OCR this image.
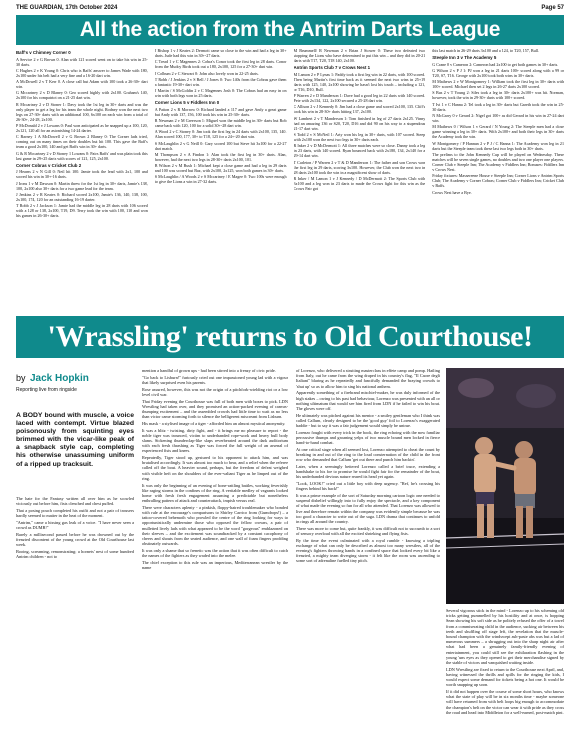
THE GUARDIAN, 17th October 2024	Page 57
All the action from the Antrim Darts League
Baff's v Chimney Corner 0

A Service 2 v G Brown 0. Alan with 121 scored went on to take his win in 25-30 darts.

C Hughes 2 v K Young 0: Chris who is Baffs' answer to James Wade with 180, 2x100 under his belt had a very fine and a 16-20 dart win.

A McDowell 2 v T Kerr 0. A close call but Adam with 100 took a 26-30+ dart win.

G Mccartney 2 v D Blaney 0: Geo scored highly with 2x100. Graham's 140, 2x100 for his compatriot on a 21-25 dart win.

R Mccartney 2 v D Stoner 1: Davy took the 1st leg in 30+ darts and was the only player to get a leg for his team the whole night. Rodney won the next two legs on 27-30+ darts with an additional 100, 6x100 on each win from a total of 26-30+, 24-28, 2x100.

P McDonald 2 v J Lowans 0: Paul won anticipated as he snapped up a 100, 120, 2x121, 120 all for an astonishing 14-24 darter.

C Barney 1 A McDowell 2 v G Brown 2 Blaney 0: The Corner lads tried, coming out on many times on their doubles but hit 100. This gave the Baff's team a good 2x100, 140 and get Baffs win in 30+ darts.

G & R Mccartney 2 v D Stoney 1 Lowans 0: Pairs Baffs' and was plain took this last game in 29+25 darts with scores of 121, 125, 2x100.

Corner Cobras v Cricket Club 2

J Hearns 2 v N Gill 0: Neil hit 100. Jamie took the lead with 2x1, 100 and scored his win in 30+-16 darts.

J Irons 1 v M Dawson 0: Martin threw for the 1st leg in 30+ darts, Jamie's 138, 100, 2x100 also 30+ darts for a two game lead for the team.

J Jenkins 2 v R Keates 0: Richard scored 2x100, Jamie's 136, 140, 138, 100, 2x100, 174, 120 for an outstanding 16-19 darter.

T Robb 2 v J Jackson 1: Jamie had the middle leg in 28 darts with 106 scored with a 128 or 138, 2x100, T19, D9. Terry took the win with 100, 110 and won his games in 26-30+ darts.

J Bishop 1 v J Keates 2: Dermott came so close to the win and had a leg in 30+ darts. Jude had this win in 30+-27 darts.

C Tread 1 v C Magennes 2: Cobra's Conor took the first leg in 28 darts. Conor from the Mudcy Birds took out a 180, 2x100, 125 for a 27-30+ dart win.

J Colbum 2 v C Stewart 0: John also lovely won in 22-25 darts.

T Robb / J Jenkins 2 v S Bell / J Jones 0: Two 140s from the Cobras gave them a fantastic 19-30+ dart win.

J Martin / S McGoldin 2 v C Magennes Josh 0: The Cobras had an easy in on win with both legs won in 25 darts.

Corner Lions 5 v Fiddlers Inn 0

A Patton 2 v R Morrow 0: Richard landed a 117 and gave Andy a great game but Andy with 137, 156, 100 took his win in 25-30+ darts.

R Newman 2 v M Greerson 1: Miguel won the middle leg in 30+ darts but Rob came back with 120, 100 for a solid 30+-28 dart win.

A Wood 2 v C Stoney 0: Jim took the first leg in 24 darts with 2x100, 135, 140. Alan scored 100, 177, 30+ to T18, 125 for a 24+-20 dart win.

S McLaughlin 2 v G Neill 0: Gary scored 100 but Steve hit 3x100 for a 22-27 dart match.

M Thompson 2 v A Findon 1: Alan took the first leg in 30+ darts. Alan, however, had the next two legs in 28-30+ darts 2x100, 101.

B Wilson 2 v M Bush 1: Michael kept a close game and had a leg in 29 darts and 100 was scored but Baz, with 2x100, 2x125, won both games in 30+ darts.

S McLaughlin / A Woods 2 v S Mccartney / E Magee 0: Two 100s were enough to give the Lions a win in 27-32 darts.

M Brummell/ R Newman 2 v Brian J Stower 0: These two defeated two stopping the Lions who have determined to put this win – and they did in 20-21 darts with T17, T20, T18 140, 2x100.

Antrim Sports Club 7 v Crows Nest 1

M Lamon 2 v P Lynas 1: Paddy took a first leg win in 22 darts, with 100 scored. Then being Martin's first time back as it seemed the next two wins in 25+19 darts with 125, 140, 2x100 showing he hasn't lost his touch – including a 121, or T16, D10, Bull.

P Warren 2 v D Manderson 1: Dave had a good leg in 22 darts with 140 scored. Pete with 2x134, 122, 2x100 secured a 25-28 dart win.

C Allison 2 v J Kennedy 0: Jim had a close game and scored 2x100, 135. Cliff's took his win in 28-30+ darts hitting 137, 2x100.

W Lambert 2 v T Manderson 1: Tom finished in leg of 27 darts 2x125. Vinny had an amazing 136 or S20, T20, D16 and did 90 on his way to a stupendous 21-17 dart win.

S Todd 2 v S McNeil 1: Arty won his leg in 30+ darts, with 107 scored. Steep with 2x100 won the next two legs in 30+ darts each.

R Inker 2 v D McDermott 1: All three matches were so close. Danny took a leg in 23 darts, with 140 scored. Ryan bounced back with 2x180, 134, 2x140 for a 29-14 dart win.

T Carleton / P Warren 2 v T & D Manderson 1: The father and son Crows won the first leg in 29 darts, scoring 3x100. However, the Club won the next two in 28 darts 2x100 took the win in a magnificent show of darts.

R Inker / M Lamon 1 v J Kennedy / D McDermott 2: The Sports Club with 3x100 and a leg won in 23 darts to made the Crows fight for this win as the Crows Pair got

this last match in 26-29 darts 3x100 and a 124, to T20, 157, Bull.

Steeple Inn 3 v The Academy 5

G Crane 0 v Cameron 2: Cameron had 2x100 to get both games in 30+ darts.

G Wilson 2 v P J 1: PJ won a leg in 21 darts 100+ scored along with a 99 or T20, S7, T16. George with 2x100 took both wins in 30+ darts.

M Mathews 2 v W Montgomery 1: William took the first leg in 30+ darts with 100+ scored. Michael then set 2 legs in 26-27 darts 2x100 scored.

S Bus 2 v T Young 2: Siles took a leg in 30+ darts 2x100+ was hit. Norman, however, took the win in 29-30+ darts with 100+ scored.

T Ivi 1 v C Hanna 2: Tel took a leg in 30+ darts but Gareth took the win in 25-30 darts.

N McGarry 0 v Gerard 2: Nigel got 100+ as did Gerard in his win in 27-24 dart win.

M Mathews 0 / Wilson 1 v Gerard / N Young 2: The Steeple men had a close game winning a leg in 30+ darts. With 2x100+ and both their legs in 30+ darts the Academy took the win.

W Montgomery / P Hannan 2 v P J / C Hanna 1: The Academy won leg in 21 darts but the Steeple team took these last two legs both in 30+ darts.

The prelims to the John Kennedy Cup will be played on Wednesday. These matches will be seven single games, no doubles and two one player one players. Corner Club v Steeple Inn; The Academy v Fiddlers Inn; Bonuses: Fiddlers Inn v Crows Nest.

Friday fixtures: Massereene House v Steeple Inn; Corner Lions v Antrim Sports Club; The Academy v Corner Cobras; Corner Club v Fiddlers Inn; Cricket Club v Baffs.

Crows Nest have a Bye.

'Wrassling' returns to Old Courthouse!
by Jack Hopkin
Reporting live from ringside
A BODY bound with muscle, a voice laced with contempt. Virtue blazed poisonously from squinting eyes brimmed with the vicar-like peak of a snapback style cap, completing his otherwise unassuming uniform of a ripped up tracksuit.

The hate for the Fantasy written all over him as he scowled viciously out before him, fists clenched and chest puffed.

That a posing pouch completed his outfit and not a pair of trousers hardly seemed to matter in the heat of the moment.

"Antrim," came a hissing gas leak of a voice. "I have never seen a crowd as DUMB!"

Barely a millisecond passed before he was drowned out by the frenzied discontent of the young crowd at the Old Courthouse last week.

Booing, screaming, remonstrating; a hornets' nest of some hundred Antrim children - not to

mention a handful of grown ups - had been stirred into a frenzy of civic pride.

"Go back to Lisburn!" furiously cried out one impassioned young lad with a vigour that likely surprised even his parents.

Rose assured, however, this was not the origin of a pitchfork-wielding riot or a low level civil war.

That Friday evening the Courthouse was full of both men with boxes to pick. LDN Wrestling had taken over, and they promised an action-packed evening of canvas-thumping excitement – and the assembled crowds had little time to wait as no less than victor came storming forth to silence the belligerent miscreant from Lisburn.

His mask - a stylised image of a tiger - afforded him an almost mystical anonymity.

It was a blitz - twisting, dirty fight, and - it brings me no pleasure to report - the noble tiger was trounced, victim to underhanded rope-work and heavy bull body slams. Sickening thunderclap-like slaps reverberated around the dark auditorium with each fresh thrashing as Tiger was forced the full weight of an arsenal of experienced fists and knees.

Repeatedly, Tiger stood up, gestured to his opponent to attack him, and was brutalised accordingly. It was almost too much to bear, and a relief when the referee called off the bout. A heavier sound, perhaps, but the freedom of defeat weighed with visible heft on the shoulders of the ever-valiant Tiger as he limped out of the ring.

It was only the beginning of an evening of bone-rattling battles, working feverishly like raging storms in the confines of the ring. A veritable medley of vagrants looked home with fresh fresh engagement assuming a predictable but nonetheless enthralling pattern of attack and counterattack, impish versus real.

There were characters aplenty - a pinkish, floppy-haired troublemaker who bonded with rule at the encourage's comparisons to Shirley Carrico from (Gumdrops!) – a tattoo-covered behemoth who prowled the centre of the ring looking for ways to opportunistically undermine those who opposed the fellow crowns, a pair of mulletted lively lads with what appeared to be the word "gorgeous" emblazoned on their sleeves – and the excitement was soundtracked by a constant cacophony of cheers and shouts from the seated audience, and one wall of foam fingers prodding obstinately outwards.

It was only a shame that so frenetic was the action that it was often difficult to catch the names of the fighters as they waded into the melee.

The chief exception to this rule was an imperious, Mediterranean wrestler by the name

of Lorenzo, who delivered a strutting masterclass in effete camp and pomp. Hailing from Italy, out he came from the wing draped in his country's flag, "Il Caore degli Italiani" blaring as he repeatedly and fancifully demanded the braying crowds to 'shut up' so as to allow him to sing his national anthem.

Apparently something of a firebrand mischief-maker, he was duly informed of the high stakes – owing to his past bad behaviour, Lorenzo was presented with an all or nothing ultimatum that would see him fired from LDN if he failed to win his bout. The gloves were off.

He ultimately was pitched against his mentor - a smiley gentleman who I think was called Callum, clearly designed to be the 'good guy' foil to Lorenzo's exaggerated baddie - but to say it was a fair judgement would simply be untrue.

Lorenzo fought with every trick in the book, the ring echoing with the now familiar percussive thumps and groaning yelps of two muscle bound men locked in fierce hand-to-hand combat.

At one critical stage when all seemed lost, Lorenzo attempted to cheat the count by breaking in and out of the ring to the loud consternation of the child in the front row who demanded that Callum 'get out there and punch him backin'.

Later, when a seemingly bettered Lorenzo called a brief truce, extending a handshake to his foe to promise he would fight fair for the remainder of the bout, his underhanded devious nature reared its head yet again.

"Look, LOOK!" cried out a little boy with deep urgency. "Ref, he's crossing his fingers behind his back!"

It was a prime example of the sort of Saturday morning cartoon logic one needed to suspend disbelief willingly into to fully enjoy the spectacle, and a key component of what made the evening so fun for all who attended. That Lorenzo was allowed to live and therefore remain within the company was evidently simple because he was too good a character to write out of the saga. LDN drama that continues to unfold in rings all around the country.

There was more to come but, quite frankly, it was difficult not to succumb to a sort of sensory overload with all the excited shrieking and flying fists.

By the time the event culminated with a royal rumble - knowing a tripling exchange of what can only be described as almost too many wrestlers, all of the evening's fighters throwing hands in a confined space that looked every bit like a frenzied, a mighty team diverging storm - it felt like the room was ascending to some sort of adrenaline fuelled tiny pitch.

Several vigorous stick in the mind - Lorenzo up to his scheming old tricks getting pummelled by his hostility and at once, is hopping Sean showing his soft side as he politely refused the offer of a towel from a commiserating child in the audience, sucking air between his teeth and shuffling off stage left, the revelation that the muscle-bound champion with the windswept ash-paste abs was but a lad of numerous summers – a shrugging out into the sharp night air after what had been a genuinely family-friendly evening of entertainment, you could still see the exhilaration flashing in the young 'uns eyes as they opened to get their merchandise signed by the stable of victors and vanquished waiting inside.

LDN Wrestling are fixed to return to the Courthouse next April, and, having witnessed the thrills and spills for the ringing the kids, I would expect some demand for tickets being a hot one. It would be worth snapping up soon.

If it did not happen over the course of some short hours, who knows what the state of play will be in six months time - maybe someone will have returned from with belt loops big enough to accommodate the champion's belt on the victor can wear it with pride as they cross the road and head into Middleton for a well-earned, post-match pint.
